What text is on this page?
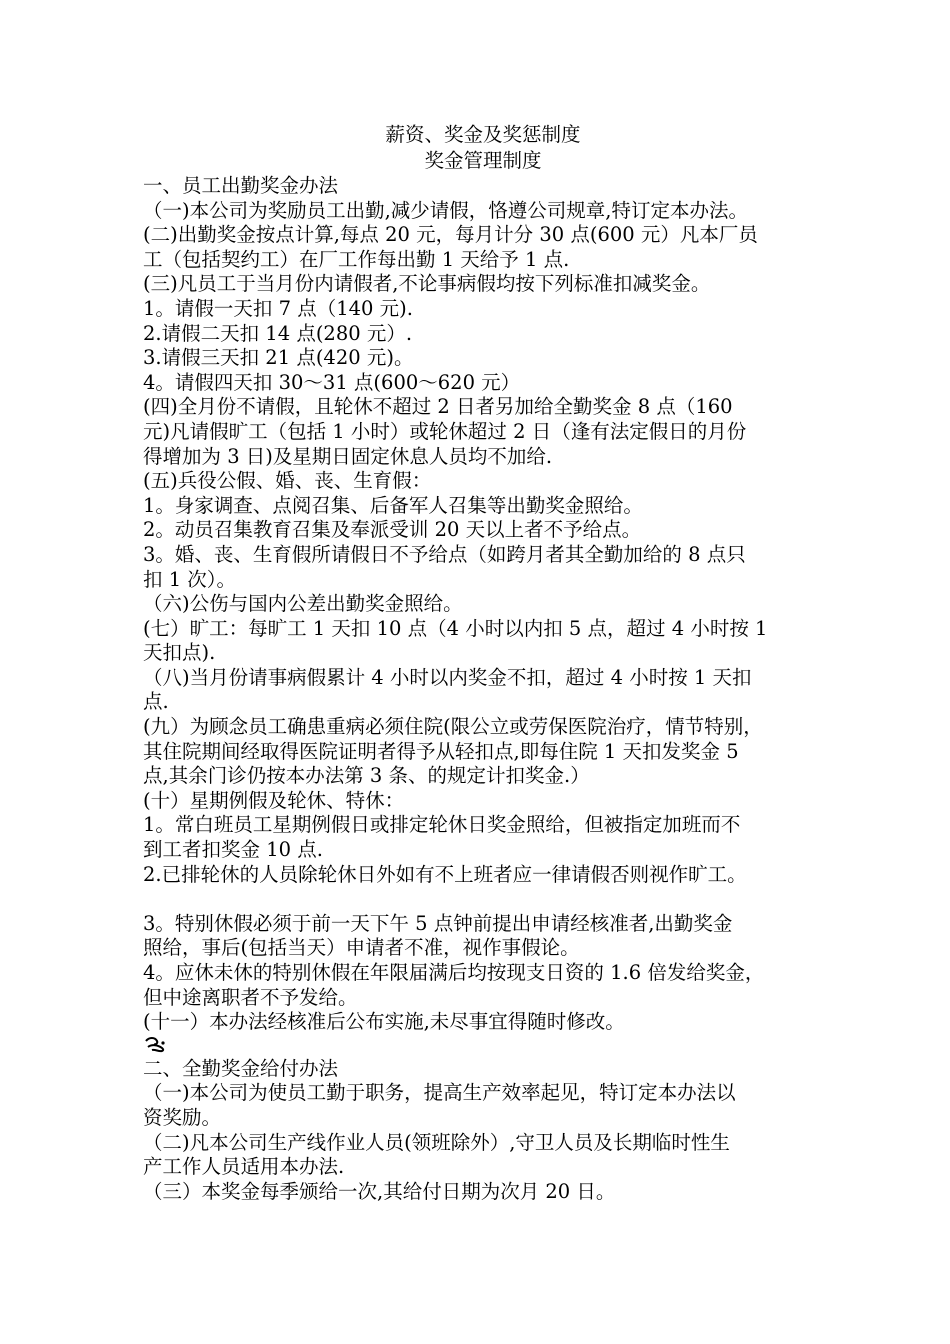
薪资、奖金及奖惩制度

奖金管理制度

一、员工出勤奖金办法

（一)本公司为奖励员工出勤,减少请假，恪遵公司规章,特订定本办法。

(二)出勤奖金按点计算,每点 20 元，每月计分 30 点(600 元）凡本厂员

工（包括契约工）在厂工作每出勤 1 天给予 1 点.

(三)凡员工于当月份内请假者,不论事病假均按下列标准扣减奖金。

1。请假一天扣 7 点（140 元).

2.请假二天扣 14 点(280 元）.

3.请假三天扣 21 点(420 元)。

4。请假四天扣 30～31 点(600～620 元）

(四)全月份不请假，且轮休不超过 2 日者另加给全勤奖金 8 点（160

元)凡请假旷工（包括 1 小时）或轮休超过 2 日（逢有法定假日的月份

得增加为 3 日)及星期日固定休息人员均不加给.

(五)兵役公假、婚、丧、生育假：

1。身家调查、点阅召集、后备军人召集等出勤奖金照给。

2。动员召集教育召集及奉派受训 20 天以上者不予给点。

3。婚、丧、生育假所请假日不予给点（如跨月者其全勤加给的 8 点只

扣 1 次）。

（六)公伤与国内公差出勤奖金照给。

(七）旷工：每旷工 1 天扣 10 点（4 小时以内扣 5 点，超过 4 小时按 1

天扣点).

（八)当月份请事病假累计 4 小时以内奖金不扣，超过 4 小时按 1 天扣

点.

(九）为顾念员工确患重病必须住院(限公立或劳保医院治疗，情节特别，

其住院期间经取得医院证明者得予从轻扣点,即每住院 1 天扣发奖金 5

点,其余门诊仍按本办法第 3 条、的规定计扣奖金.）

(十）星期例假及轮休、特休：

1。常白班员工星期例假日或排定轮休日奖金照给，但被指定加班而不

到工者扣奖金 10 点.

2.已排轮休的人员除轮休日外如有不上班者应一律请假否则视作旷工。

3。特别休假必须于前一天下午 5 点钟前提出申请经核准者,出勤奖金

照给，事后(包括当天）申请者不准，视作事假论。

4。应休未休的特别休假在年限届满后均按现支日资的 1.6 倍发给奖金，

但中途离职者不予发给。

(十一）本办法经核准后公布实施,未尽事宜得随时修改。

二、全勤奖金给付办法

（一)本公司为使员工勤于职务，提高生产效率起见，特订定本办法以

资奖励。

（二)凡本公司生产线作业人员(领班除外）,守卫人员及长期临时性生

产工作人员适用本办法.

（三）本奖金每季颁给一次,其给付日期为次月 20 日。
